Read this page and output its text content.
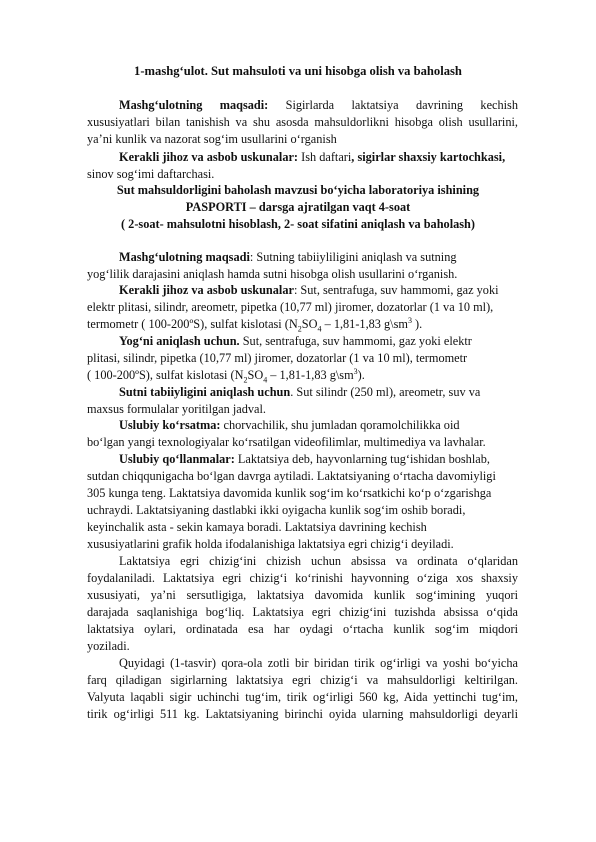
1-mashg‘ulot. Sut mahsuloti va uni hisobga olish va baholash
Mashg‘ulotning maqsadi: Sigirlarda laktatsiya davrining kechish
xususiyatlari bilan tanishish va shu asosda mahsuldorlikni hisobga olish usullarini,
ya’ni kunlik va nazorat sog‘im usullarini o‘rganish
Kerakli jihoz va asbob uskunalar: Ish daftari, sigirlar shaxsiy kartochkasi,
sinov sog‘imi daftarchasi.
Sut mahsuldorligini baholash mavzusi bo‘yicha laboratoriya ishining
PASPORTI – darsga ajratilgan vaqt 4-soat
( 2-soat- mahsulotni hisoblash, 2- soat sifatini aniqlash va baholash)
Mashg‘ulotning maqsadi: Sutning tabiiyliligini aniqlash va sutning
yog‘lilik darajasini aniqlash hamda sutni hisobga olish usullarini o‘rganish.
Kerakli jihoz va asbob uskunalar: Sut, sentrafuga, suv hammomi, gaz yoki
elektr plitasi, silindr, areometr, pipetka (10,77 ml) jiromer, dozatorlar (1 va 10 ml),
termometr ( 100-200ºS), sulfat kislotasi ($N_2SO_4 - 1,81-1,83$ $g\backslash sm^3$ ).
Yog‘ni aniqlash uchun. Sut, sentrafuga, suv hammomi, gaz yoki elektr
plitasi, silindr, pipetka (10,77 ml) jiromer, dozatorlar (1 va 10 ml), termometr
( 100-200ºS), sulfat kislotasi ($N_2SO_4 - 1,81-1,83$ $g\backslash sm^3$).
Sutni tabiiyligini aniqlash uchun. Sut silindr (250 ml), areometr, suv va
maxsus formulalar yoritilgan jadval.
Uslubiy ko‘rsatma: chorvachilik, shu jumladan qoramolchilikka oid
bo‘lgan yangi texnologiyalar ko‘rsatilgan videofilimlar, multimediya va lavhalar.
Uslubiy qo‘llanmalar: Laktatsiya deb, hayvonlarning tug‘ishidan boshlab,
sutdan chiqqunigacha bo‘lgan davrga aytiladi. Laktatsiyaning o‘rtacha davomiyligi
305 kunga teng. Laktatsiya davomida kunlik sog‘im ko‘rsatkichi ko‘p o‘zgarishga
uchraydi. Laktatsiyaning dastlabki ikki oyigacha kunlik sog‘im oshib boradi,
keyinchalik asta - sekin kamaya boradi. Laktatsiya davrining kechish
xususiyatlarini grafik holda ifodalanishiga laktatsiya egri chizig‘i deyiladi.
Laktatsiya egri chizig‘ini chizish uchun absissa va ordinata o‘qlaridan
foydalaniladi. Laktatsiya egri chizig‘i ko‘rinishi hayvonning o‘ziga xos shaxsiy
xususiyati, ya’ni sersutligiga, laktatsiya davomida kunlik sog‘imining yuqori
darajada saqlanishiga bog‘liq. Laktatsiya egri chizig‘ini tuzishda absissa o‘qida
laktatsiya oylari, ordinatada esa har oydagi o‘rtacha kunlik sog‘im miqdori
yoziladi.
Quyidagi (1-tasvir) qora-ola zotli bir biridan tirik og‘irligi va yoshi bo‘yicha
farq qiladigan sigirlarning laktatsiya egri chizig‘i va mahsuldorligi keltirilgan.
Valyuta laqabli sigir uchinchi tug‘im, tirik og‘irligi 560 kg, Aida yettinchi tug‘im,
tirik og‘irligi 511 kg. Laktatsiyaning birinchi oyida ularning mahsuldorligi deyarli
